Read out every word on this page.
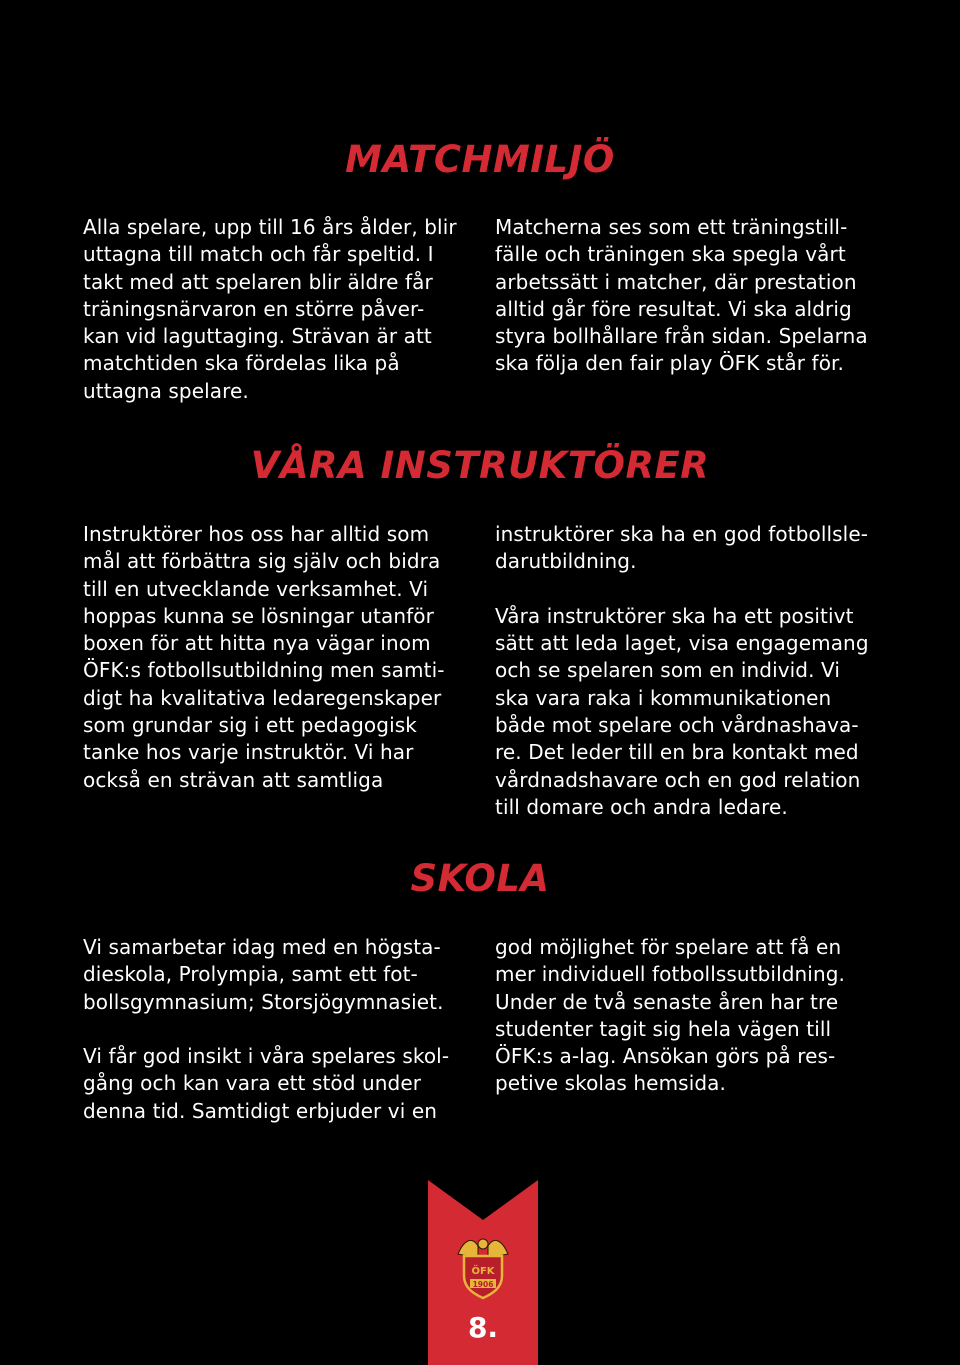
MATCHMILJÖ
Alla spelare, upp till 16 års ålder, blir
uttagna till match och får speltid. I
takt med att spelaren blir äldre får
träningsnärvaron en större påver-
kan vid laguttaging. Strävan är att
matchtiden ska fördelas lika på
uttagna spelare.
Matcherna ses som ett träningstill-
fälle och träningen ska spegla vårt
arbetssätt i matcher, där prestation
alltid går före resultat. Vi ska aldrig
styra bollhållare från sidan. Spelarna
ska följa den fair play ÖFK står för.
VÅRA INSTRUKTÖRER
Instruktörer hos oss har alltid som
mål att förbättra sig själv och bidra
till en utvecklande verksamhet. Vi
hoppas kunna se lösningar utanför
boxen för att hitta nya vägar inom
ÖFK:s fotbollsutbildning men samti-
digt ha kvalitativa ledaregenskaper
som grundar sig i ett pedagogisk
tanke hos varje instruktör. Vi har
också en strävan att samtliga
instruktörer ska ha en god fotbollsle-
darutbildning.
Våra instruktörer ska ha ett positivt
sätt att leda laget, visa engagemang
och se spelaren som en individ. Vi
ska vara raka i kommunikationen
både mot spelare och vårdnashava-
re. Det leder till en bra kontakt med
vårdnadshavare och en god relation
till domare och andra ledare.
SKOLA
Vi samarbetar idag med en högsta-
dieskola, Prolympia, samt ett fot-
bollsgymnasium; Storsjögymnasiet.
Vi får god insikt i våra spelares skol-
gång och kan vara ett stöd under
denna tid. Samtidigt erbjuder vi en
god möjlighet för spelare att få en
mer individuell fotbollssutbildning.
Under de två senaste åren har tre
studenter tagit sig hela vägen till
ÖFK:s a-lag. Ansökan görs på res-
petive skolas hemsida.
ÖFK
1906
8.
